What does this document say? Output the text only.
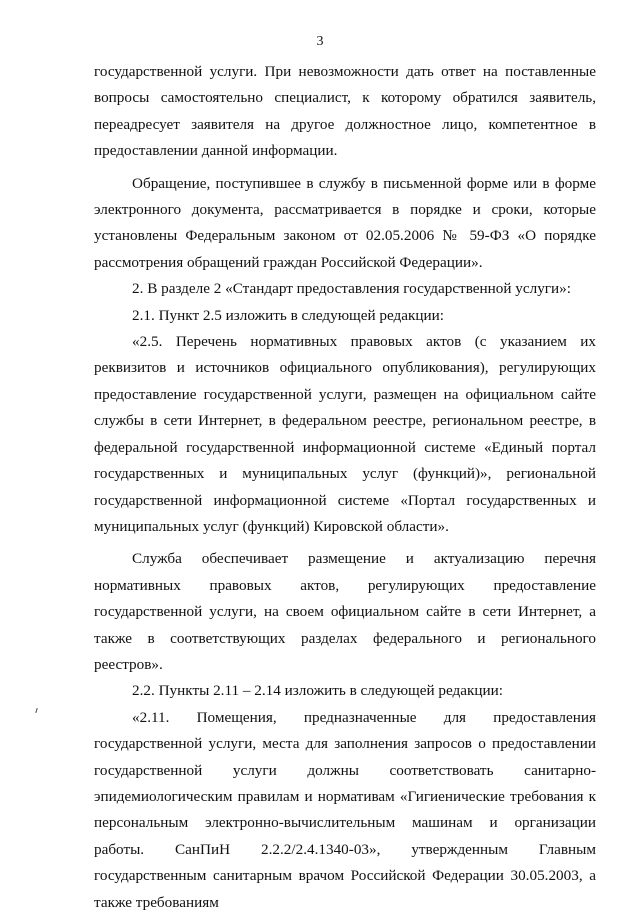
3

государственной услуги. При невозможности дать ответ на поставленные вопросы самостоятельно специалист, к которому обратился заявитель, переадресует заявителя на другое должностное лицо, компетентное в предоставлении данной информации.

Обращение, поступившее в службу в письменной форме или в форме электронного документа, рассматривается в порядке и сроки, которые установлены Федеральным законом от 02.05.2006 № 59-ФЗ «О порядке рассмотрения обращений граждан Российской Федерации».

2. В разделе 2 «Стандарт предоставления государственной услуги»:

2.1. Пункт 2.5 изложить в следующей редакции:

«2.5. Перечень нормативных правовых актов (с указанием их реквизитов и источников официального опубликования), регулирующих предоставление государственной услуги, размещен на официальном сайте службы в сети Интернет, в федеральном реестре, региональном реестре, в федеральной государственной информационной системе «Единый портал государственных и муниципальных услуг (функций)», региональной государственной информационной системе «Портал государственных и муниципальных услуг (функций) Кировской области».

Служба обеспечивает размещение и актуализацию перечня нормативных правовых актов, регулирующих предоставление государственной услуги, на своем официальном сайте в сети Интернет, а также в соответствующих разделах федерального и регионального реестров».

2.2. Пункты 2.11 – 2.14 изложить в следующей редакции:

«2.11. Помещения, предназначенные для предоставления государственной услуги, места для заполнения запросов о предоставлении государственной услуги должны соответствовать санитарно-эпидемиологическим правилам и нормативам «Гигиенические требования к персональным электронно-вычислительным машинам и организации работы. СанПиН 2.2.2/2.4.1340-03», утвержденным Главным государственным санитарным врачом Российской Федерации 30.05.2003, а также требованиям
